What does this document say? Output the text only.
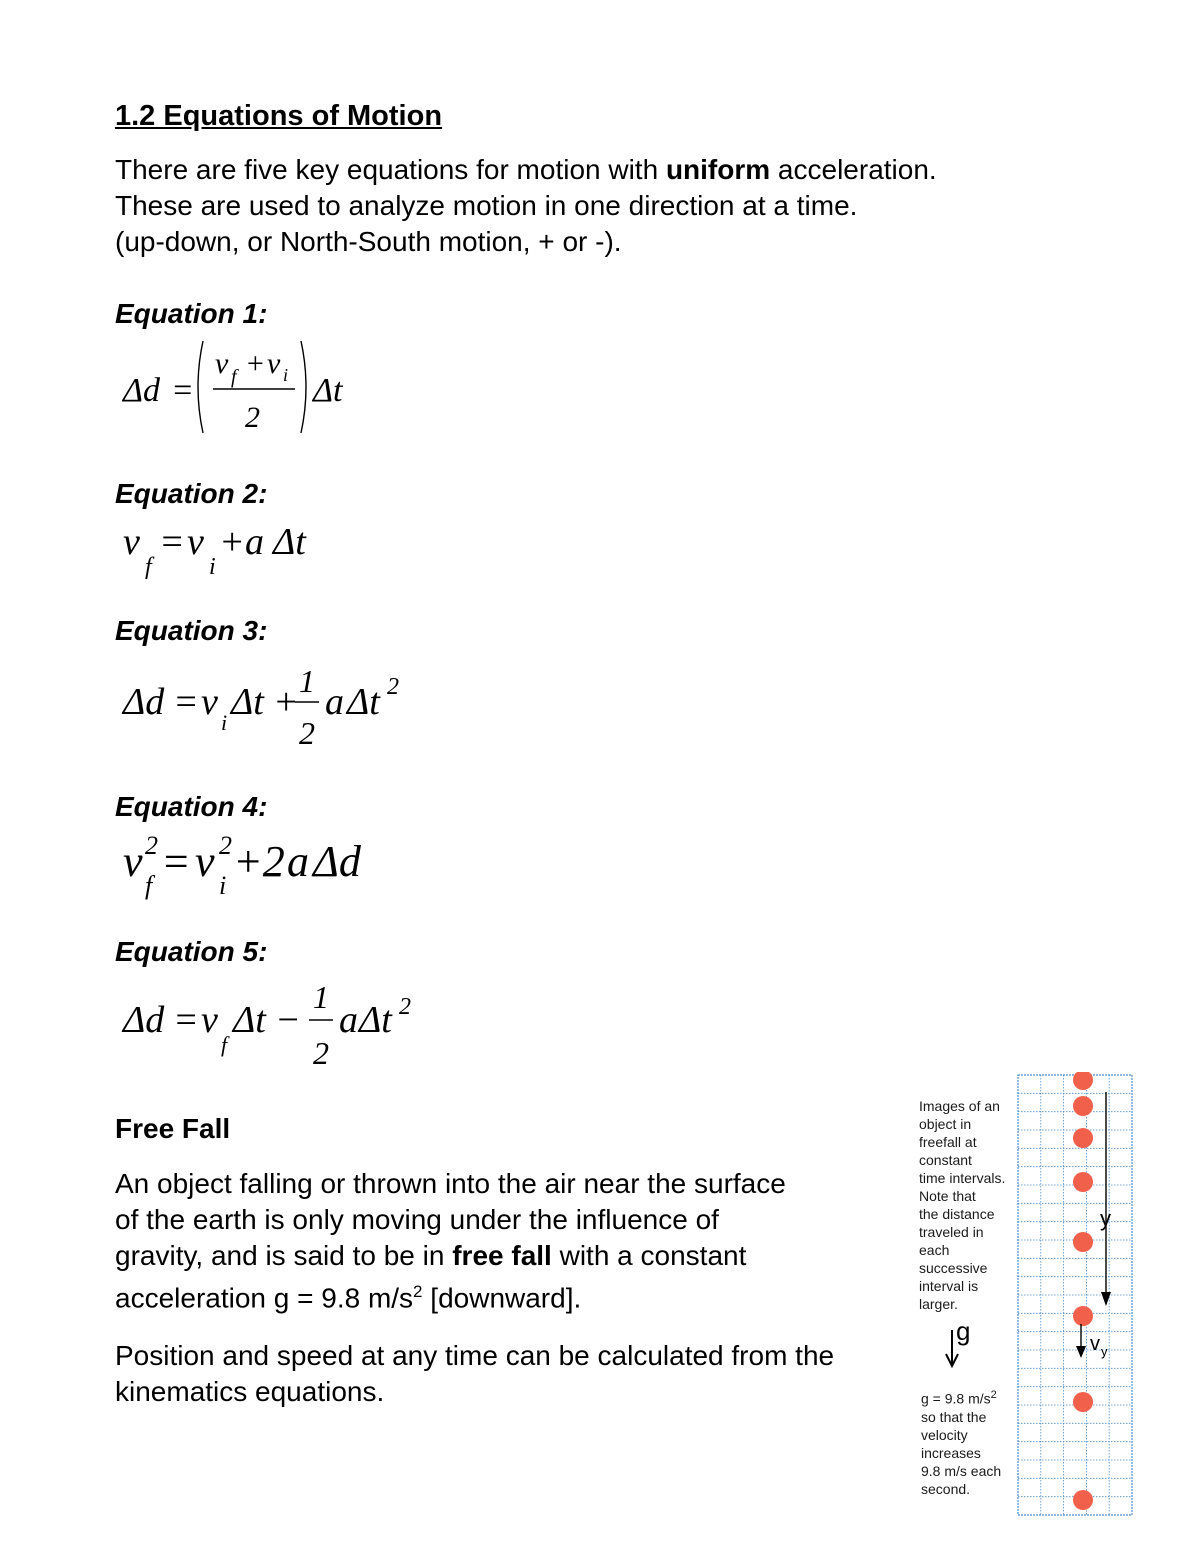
1.2 Equations of Motion

There are five key equations for motion with uniform acceleration.

These are used to analyze motion in one direction at a time.

(up-down, or North-South motion, + or -).

Equation 1:
Δd =
v f + v i
2
Δt
Equation 2:
v
f
= v
i
+ a Δt
Equation 3:
Δd = v i Δt + 1
2
a Δt 2
Equation 4:
v 2
f = v 2
i +2 a Δd
Equation 5:
Δd = v
f
Δt −
1
2
a Δt 2
Free Fall

An object falling or thrown into the air near the surface

of the earth is only moving under the influence of

gravity, and is said to be in free fall with a constant

acceleration g = 9.8 $m/s^2$ [downward].

Position and speed at any time can be calculated from the

kinematics equations.

Images of an

object in

freefall at

constant

time intervals.

Note that

the distance

traveled in

each

successive

interval is

larger.

g

g = 9.8 $m/s^2$

so that the

velocity

increases

9.8 m/s each

second.

y
v y
